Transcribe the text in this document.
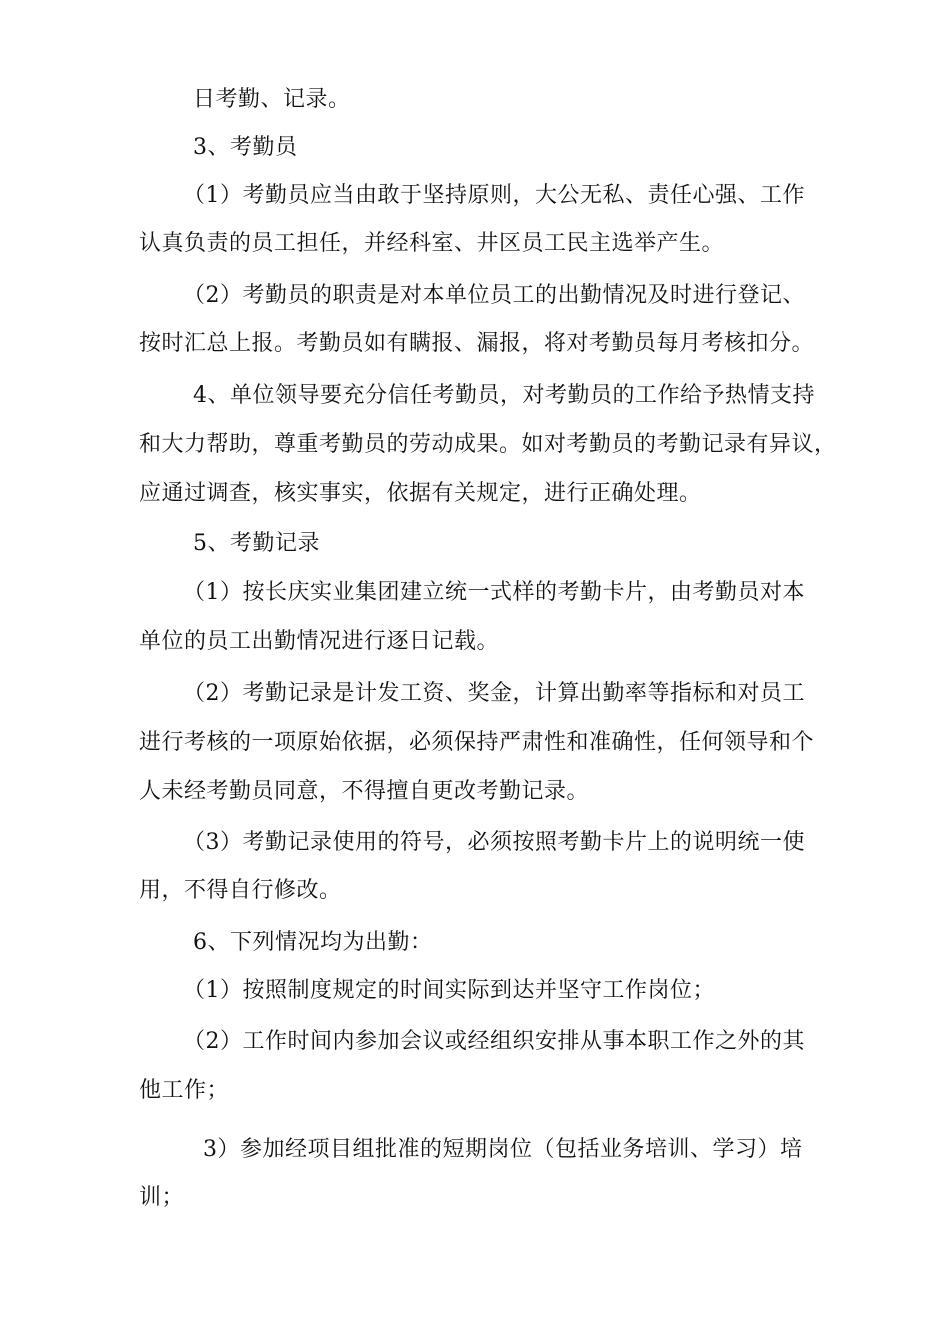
日考勤、记录。

3、考勤员

（1）考勤员应当由敢于坚持原则，大公无私、责任心强、工作

认真负责的员工担任，并经科室、井区员工民主选举产生。

（2）考勤员的职责是对本单位员工的出勤情况及时进行登记、

按时汇总上报。考勤员如有瞒报、漏报，将对考勤员每月考核扣分。

4、单位领导要充分信任考勤员，对考勤员的工作给予热情支持

和大力帮助，尊重考勤员的劳动成果。如对考勤员的考勤记录有异议，

应通过调查，核实事实，依据有关规定，进行正确处理。

5、考勤记录

（1）按长庆实业集团建立统一式样的考勤卡片，由考勤员对本

单位的员工出勤情况进行逐日记载。

（2）考勤记录是计发工资、奖金，计算出勤率等指标和对员工

进行考核的一项原始依据，必须保持严肃性和准确性，任何领导和个

人未经考勤员同意，不得擅自更改考勤记录。

（3）考勤记录使用的符号，必须按照考勤卡片上的说明统一使

用，不得自行修改。

6、下列情况均为出勤：

（1）按照制度规定的时间实际到达并坚守工作岗位；

（2）工作时间内参加会议或经组织安排从事本职工作之外的其

他工作；

3）参加经项目组批准的短期岗位（包括业务培训、学习）培

训；
